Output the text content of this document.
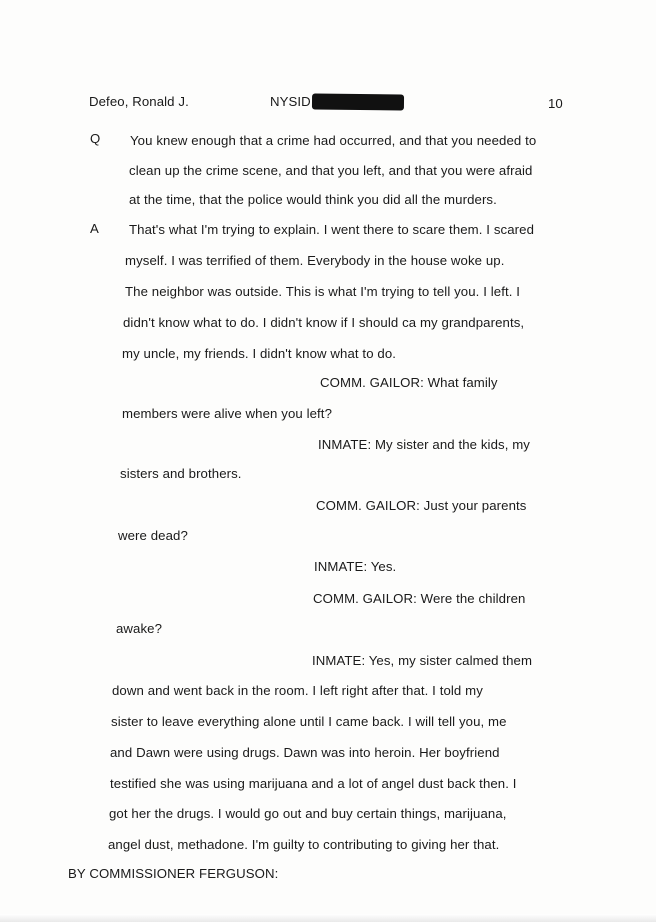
Defeo, Ronald J.	NYSID	10
Q
A
You knew enough that a crime had occurred, and that you needed to
clean up the crime scene, and that you left, and that you were afraid
at the time, that the police would think you did all the murders.
That's what I'm trying to explain. I went there to scare them. I scared
myself. I was terrified of them. Everybody in the house woke up.
The neighbor was outside. This is what I'm trying to tell you. I left. I
didn't know what to do. I didn't know if I should ca my grandparents,
my uncle, my friends. I didn't know what to do.
COMM. GAILOR: What family
members were alive when you left?
INMATE: My sister and the kids, my
sisters and brothers.
COMM. GAILOR: Just your parents
were dead?
INMATE: Yes.
COMM. GAILOR: Were the children
awake?
INMATE: Yes, my sister calmed them
down and went back in the room. I left right after that. I told my
sister to leave everything alone until I came back. I will tell you, me
and Dawn were using drugs. Dawn was into heroin. Her boyfriend
testified she was using marijuana and a lot of angel dust back then. I
got her the drugs. I would go out and buy certain things, marijuana,
angel dust, methadone. I'm guilty to contributing to giving her that.
BY COMMISSIONER FERGUSON:
